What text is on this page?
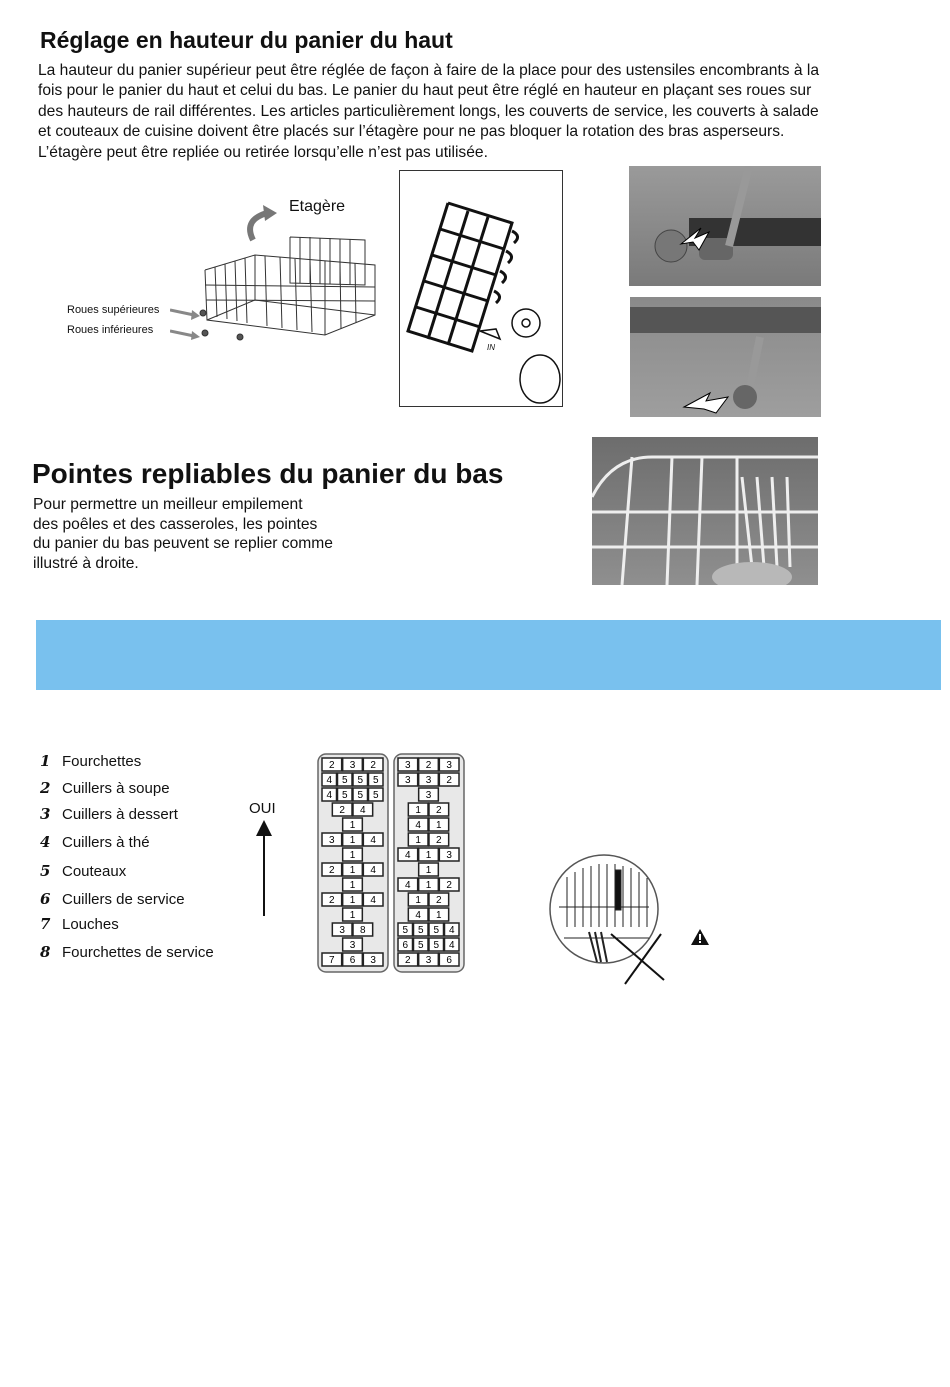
Réglage en hauteur du panier du haut
La hauteur du panier supérieur peut être réglée de façon à faire de la place pour des ustensiles encombrants à la
fois pour le panier du haut et celui du bas. Le panier du haut peut être réglé en hauteur en plaçant ses roues sur
des hauteurs de rail différentes. Les articles particulièrement longs, les couverts de service, les couverts à salade
et couteaux de cuisine doivent être placés sur l’étagère pour ne pas bloquer la rotation des bras asperseurs.
L’étagère peut être repliée ou retirée lorsqu’elle n’est pas utilisée.
Etagère
Roues supérieures
Roues inférieures
IN
Pointes repliables du panier du bas
Pour permettre un meilleur empilement
des poêles et des casseroles, les pointes
du panier du bas peuvent se replier comme
illustré à droite.
1 Fourchettes
2 Cuillers à soupe
3 Cuillers à dessert
4 Cuillers à thé
5 Couteaux
6 Cuillers de service
7 Louches
8 Fourchettes de service
OUI
2 3 2
4 5 5 5
4 5 5 5
2 4
1
3 1 4
1
2 1 4
1
2 1 4
1
3 8
3
7 6 3
3 2 3
3 3 2
3
1 2
4 1
1 2
4 1 3
1
4 1 2
1 2
4 1
5 5 5 4
6 5 5 4
2 3 6
